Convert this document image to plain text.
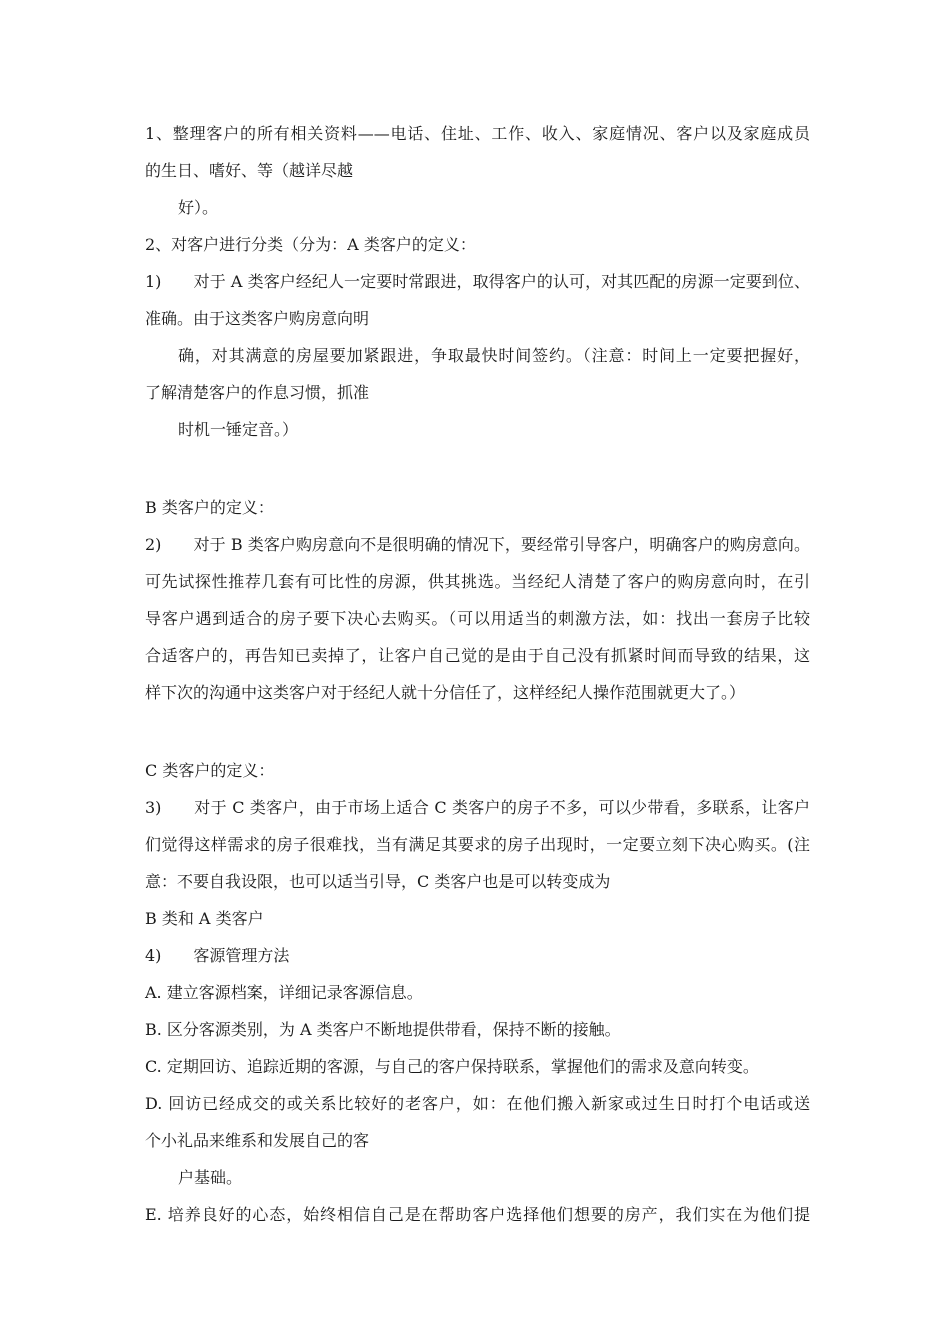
1、整理客户的所有相关资料——电话、住址、工作、收入、家庭情况、客户以及家庭成员
的生日、嗜好、等（越详尽越
好）。
2、对客户进行分类（分为：A 类客户的定义：
1)　　对于 A 类客户经纪人一定要时常跟进，取得客户的认可，对其匹配的房源一定要到位、
准确。由于这类客户购房意向明
确，对其满意的房屋要加紧跟进，争取最快时间签约。（注意：时间上一定要把握好，
了解清楚客户的作息习惯，抓准
时机一锤定音。）
B 类客户的定义：
2)　　对于 B 类客户购房意向不是很明确的情况下，要经常引导客户，明确客户的购房意向。
可先试探性推荐几套有可比性的房源，供其挑选。当经纪人清楚了客户的购房意向时，在引
导客户遇到适合的房子要下决心去购买。（可以用适当的刺激方法，如：找出一套房子比较
合适客户的，再告知已卖掉了，让客户自己觉的是由于自己没有抓紧时间而导致的结果，这
样下次的沟通中这类客户对于经纪人就十分信任了，这样经纪人操作范围就更大了。）
C 类客户的定义：
3)　　对于 C 类客户，由于市场上适合 C 类客户的房子不多，可以少带看，多联系，让客户
们觉得这样需求的房子很难找，当有满足其要求的房子出现时，一定要立刻下决心购买。(注
意：不要自我设限，也可以适当引导，C 类客户也是可以转变成为
B 类和 A 类客户
4)　　客源管理方法
A. 建立客源档案，详细记录客源信息。
B. 区分客源类别，为 A 类客户不断地提供带看，保持不断的接触。
C. 定期回访、追踪近期的客源，与自己的客户保持联系，掌握他们的需求及意向转变。
D. 回访已经成交的或关系比较好的老客户，如：在他们搬入新家或过生日时打个电话或送
个小礼品来维系和发展自己的客
户基础。
E. 培养良好的心态，始终相信自己是在帮助客户选择他们想要的房产，我们实在为他们提
